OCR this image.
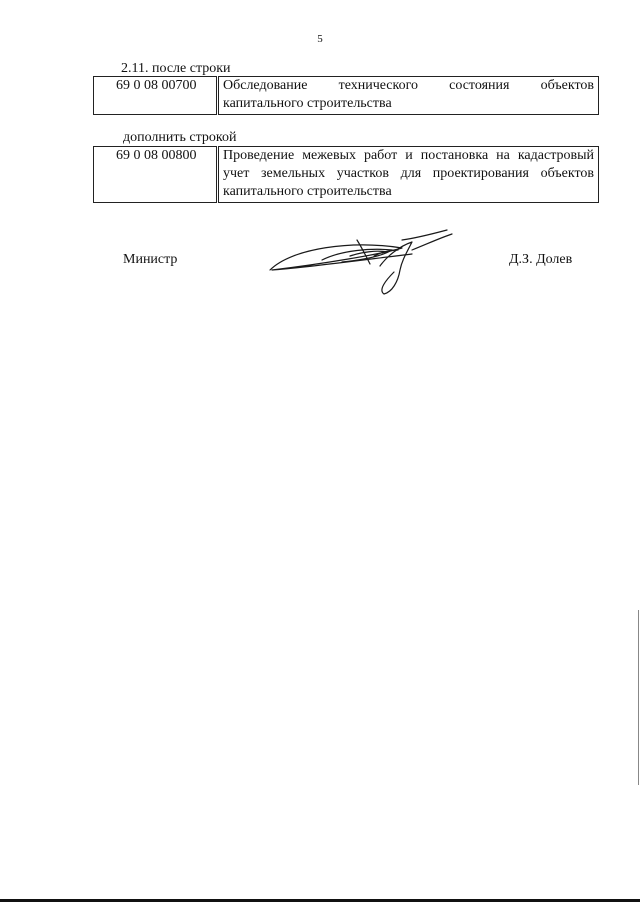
5
2.11. после строки
69 0 08 00700	Обследование технического состояния объектов капитального строительства
дополнить строкой
69 0 08 00800	Проведение межевых работ и постановка на кадастровый учет земельных участков для проектирования объектов капитального строительства
Министр	Д.З. Долев
